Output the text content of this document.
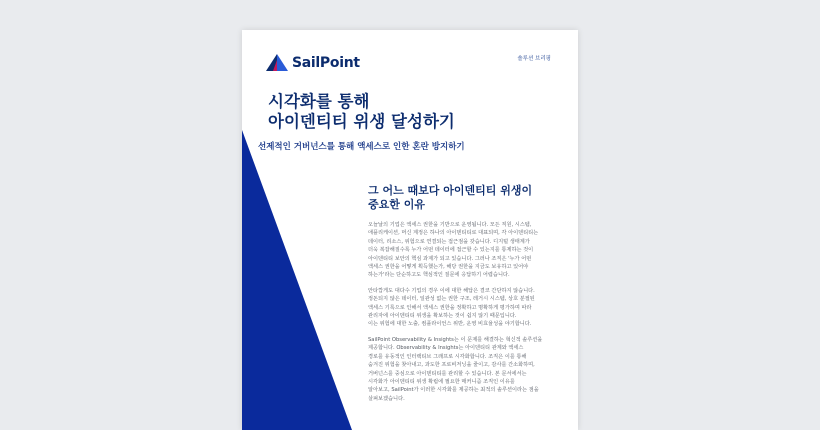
SailPoint	솔루션 브리핑
시각화를 통해
아이덴티티 위생 달성하기
선제적인 거버넌스를 통해 액세스로 인한 혼란 방지하기
그 어느 때보다 아이덴티티 위생이
중요한 이유

오늘날의 기업은 액세스 권한을 기반으로 운영됩니다. 모든 직원, 시스템,
애플리케이션, 머신 계정은 하나의 아이덴티티로 대표되며, 각 아이덴티티는
데이터, 리소스, 위험으로 연결되는 접근점을 갖습니다. 디지털 생태계가
더욱 복잡해질수록 누가 어떤 데이터에 접근할 수 있는지를 통제하는 것이
아이덴티티 보안의 핵심 과제가 되고 있습니다. 그러나 조직은 '누가 어떤
액세스 권한을 어떻게 획득했는가, 해당 권한을 지금도 보유하고 있어야
하는가'라는 단순하고도 핵심적인 질문에 응답하기 어렵습니다.

안타깝게도 대다수 기업의 경우 이에 대한 해답은 결코 간단하지 않습니다.
정돈되지 않은 데이터, 일관성 없는 권한 구조, 레거시 시스템, 상호 분절된
액세스 기록으로 인해서 액세스 권한을 정확하고 명확하게 평가하며 따라
관리자에 아이덴티티 위생을 확보하는 것이 쉽지 않기 때문입니다.
이는 위험에 대한 노출, 컴플라이언스 위반, 운영 비효율성을 야기합니다.

SailPoint Observability & Insights는 이 문제를 해결하는 혁신적 솔루션을
제공합니다. Observability & Insights는 아이덴티티 관계와 액세스
경로를 유동적인 인터랙티브 그래프로 시각화합니다. 조직은 이를 통해
숨겨진 위험을 찾아내고, 과도한 프로비저닝을 줄이고, 감사를 간소화하며,
거버넌스를 중심으로 아이덴티티를 관리할 수 있습니다. 본 문서에서는
시각화가 아이덴티티 위생 확립에 필요한 매커니즘 조직인 이유를
알아보고, SailPoint가 이러한 시각화를 제공하는 최적의 솔루션이라는 점을
살펴보겠습니다.
